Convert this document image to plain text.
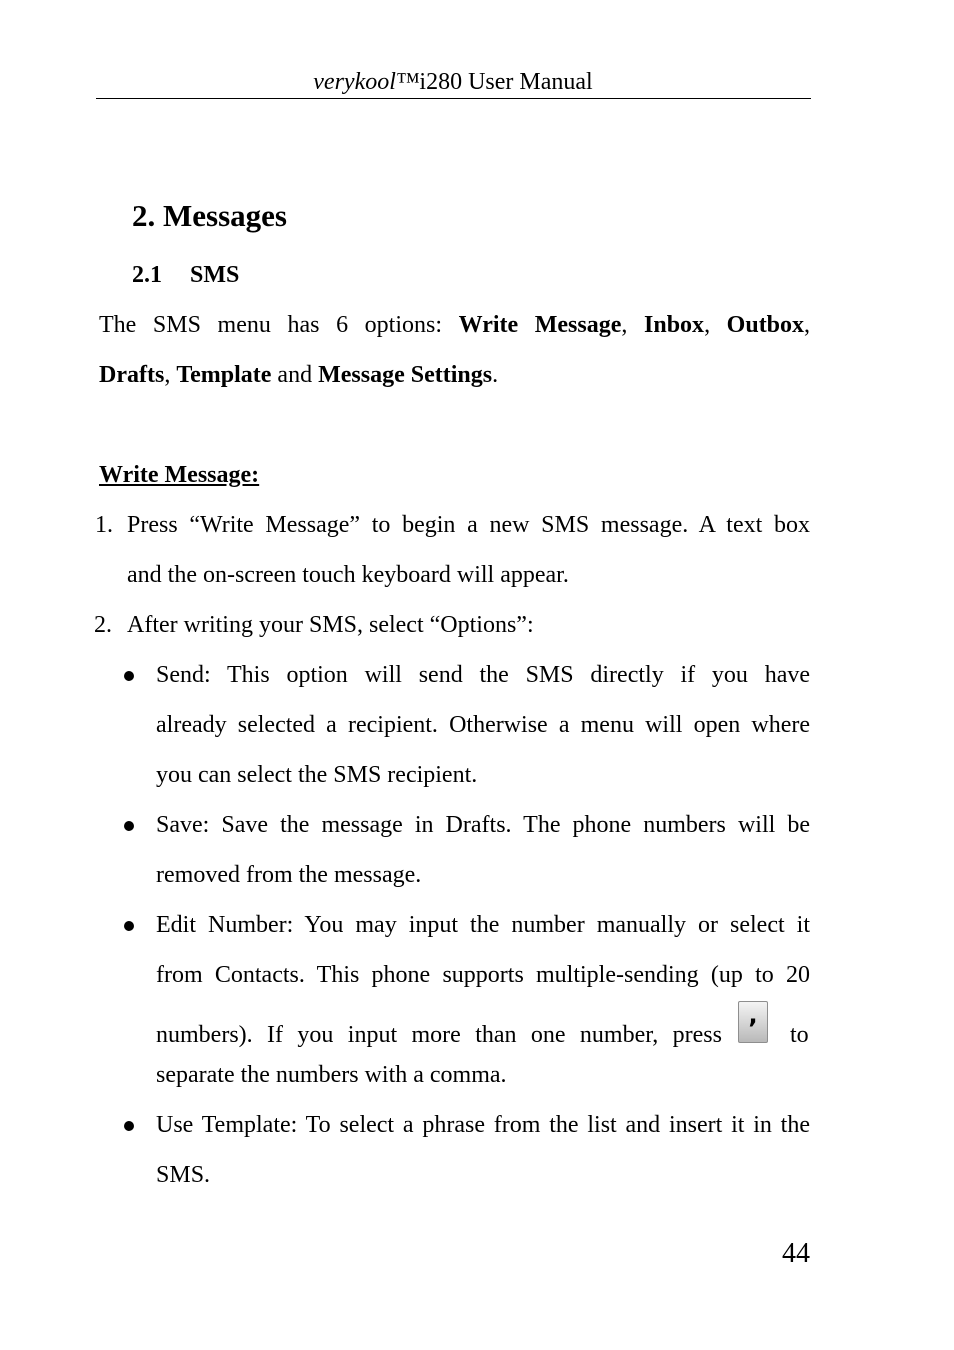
verykool™i280 User Manual
2. Messages
2.1 SMS
The SMS menu has 6 options: Write Message, Inbox, Outbox,
Drafts, Template and Message Settings.
Write Message:
1. Press “Write Message” to begin a new SMS message. A text box
and the on-screen touch keyboard will appear.
2. After writing your SMS, select “Options”:
Send: This option will send the SMS directly if you have
already selected a recipient. Otherwise a menu will open where
you can select the SMS recipient.
Save: Save the message in Drafts. The phone numbers will be
removed from the message.
Edit Number: You may input the number manually or select it
from Contacts. This phone supports multiple-sending (up to 20
numbers). If you input more than one number, press
,
to
separate the numbers with a comma.
Use Template: To select a phrase from the list and insert it in the
SMS.
44
